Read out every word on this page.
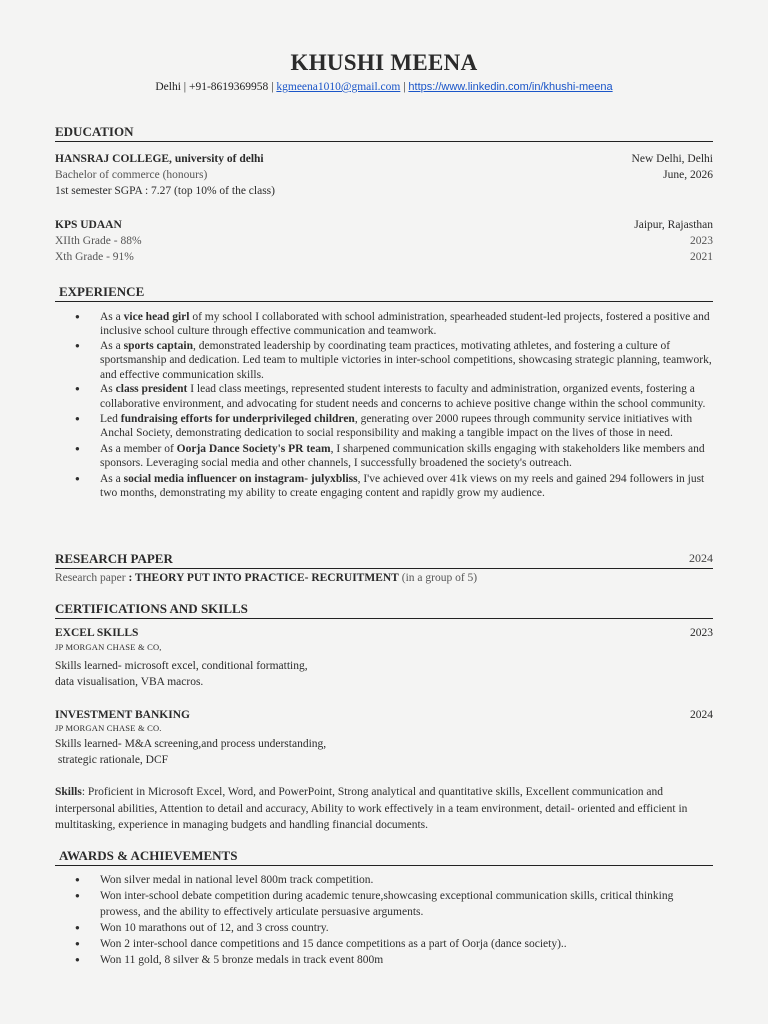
KHUSHI MEENA
Delhi | +91-8619369958 | kgmeena1010@gmail.com | https://www.linkedin.com/in/khushi-meena
EDUCATION
HANSRAJ COLLEGE, university of delhi	New Delhi, Delhi
Bachelor of commerce (honours)	June, 2026
1st semester SGPA : 7.27 (top 10% of the class)
KPS UDAAN	Jaipur, Rajasthan
XIIth Grade - 88%	2023
Xth Grade - 91%	2021
EXPERIENCE
● As a vice head girl of my school I collaborated with school administration, spearheaded student-led projects, fostered a positive and inclusive school culture through effective communication and teamwork.
● As a sports captain, demonstrated leadership by coordinating team practices, motivating athletes, and fostering a culture of sportsmanship and dedication. Led team to multiple victories in inter-school competitions, showcasing strategic planning, teamwork, and effective communication skills.
● As class president I lead class meetings, represented student interests to faculty and administration, organized events, fostering a collaborative environment, and advocating for student needs and concerns to achieve positive change within the school community.
● Led fundraising efforts for underprivileged children, generating over 2000 rupees through community service initiatives with Anchal Society, demonstrating dedication to social responsibility and making a tangible impact on the lives of those in need.
● As a member of Oorja Dance Society's PR team, I sharpened communication skills engaging with stakeholders like members and sponsors. Leveraging social media and other channels, I successfully broadened the society's outreach.
● As a social media influencer on instagram- julyxbliss, I've achieved over 41k views on my reels and gained 294 followers in just two months, demonstrating my ability to create engaging content and rapidly grow my audience.
RESEARCH PAPER	2024
Research paper : THEORY PUT INTO PRACTICE- RECRUITMENT (in a group of 5)
CERTIFICATIONS AND SKILLS
EXCEL SKILLS	2023
JP MORGAN CHASE & CO,
Skills learned- microsoft excel, conditional formatting,
data visualisation, VBA macros.
INVESTMENT BANKING	2024
JP MORGAN CHASE & CO.
Skills learned- M&A screening,and process understanding,
strategic rationale, DCF
Skills: Proficient in Microsoft Excel, Word, and PowerPoint, Strong analytical and quantitative skills, Excellent communication and interpersonal abilities, Attention to detail and accuracy, Ability to work effectively in a team environment, detail- oriented and efficient in multitasking, experience in managing budgets and handling financial documents.
AWARDS & ACHIEVEMENTS
● Won silver medal in national level 800m track competition.
● Won inter-school debate competition during academic tenure,showcasing exceptional communication skills, critical thinking prowess, and the ability to effectively articulate persuasive arguments.
● Won 10 marathons out of 12, and 3 cross country.
● Won 2 inter-school dance competitions and 15 dance competitions as a part of Oorja (dance society)..
● Won 11 gold, 8 silver & 5 bronze medals in track event 800m
